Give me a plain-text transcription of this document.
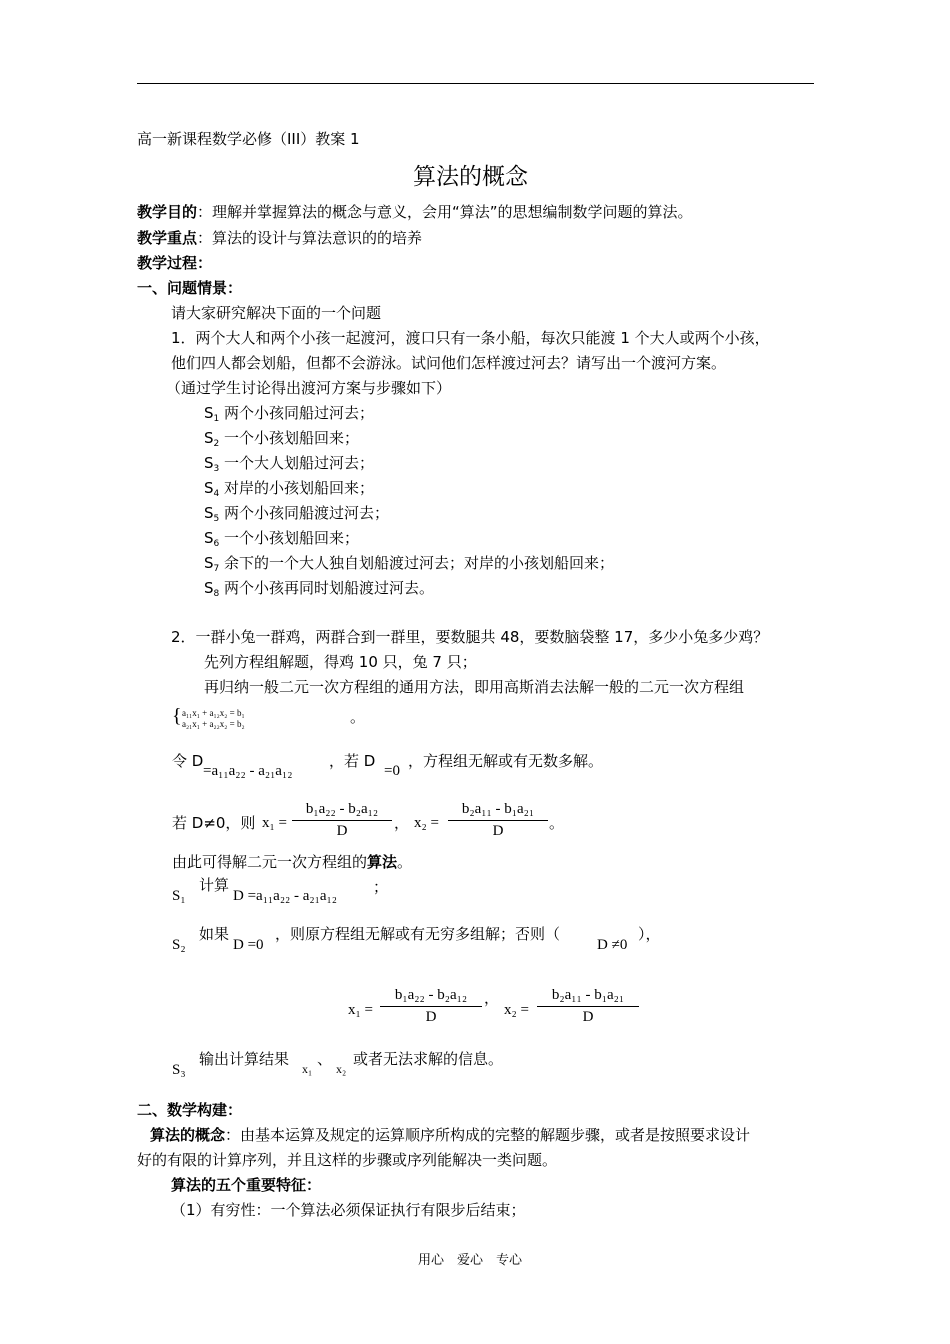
高一新课程数学必修（III）教案 1
算法的概念
教学目的：理解并掌握算法的概念与意义，会用“算法”的思想编制数学问题的算法。
教学重点：算法的设计与算法意识的的培养
教学过程：
一、问题情景：
请大家研究解决下面的一个问题
1．两个大人和两个小孩一起渡河，渡口只有一条小船，每次只能渡 1 个大人或两个小孩，
他们四人都会划船，但都不会游泳。试问他们怎样渡过河去？请写出一个渡河方案。
（通过学生讨论得出渡河方案与步骤如下）
$S_1$ 两个小孩同船过河去；
$S_2$ 一个小孩划船回来；
$S_3$ 一个大人划船过河去；
$S_4$ 对岸的小孩划船回来；
$S_5$ 两个小孩同船渡过河去；
$S_6$ 一个小孩划船回来；
$S_7$ 余下的一个大人独自划船渡过河去；对岸的小孩划船回来；
$S_8$ 两个小孩再同时划船渡过河去。
2．一群小兔一群鸡，两群合到一群里，要数腿共 48，要数脑袋整 17，多少小兔多少鸡？
先列方程组解题，得鸡 10 只，兔 7 只；
再归纳一般二元一次方程组的通用方法，即用高斯消去法解一般的二元一次方程组
{ a₁₁x₁ + a₁₂x₂ = b₁
a₂₁x₁ + a₂₂x₂ = b₂	。
令 D
=a₁₁a₂₂ - a₂₁a₁₂
，若 D
=0
，方程组无解或有无数多解。
若 D≠0，则 $x_1 = \frac{\text{b₁a₂₂ - b₂a₁₂}}{D}$ ， $x_2 = \frac{\text{b₂a₁₁ - b₁a₂₁}}{D}$ 。
由此可得解二元一次方程组的算法。
S₁
计算
D =a₁₁a₂₂ - a₂₁a₁₂ ；
S₂
如果
D =0
，则原方程组无解或有无穷多组解；否则（
D ≠0
），
$x_1 = \frac{\text{b₁a₂₂ - b₂a₁₂}}{D}$ ，
$x_2 = \frac{\text{b₂a₁₁ - b₁a₂₁}}{D}$
S₃
输出计算结果
x₁
、
x₂
或者无法求解的信息。
二、数学构建：
算法的概念：由基本运算及规定的运算顺序所构成的完整的解题步骤，或者是按照要求设计
好的有限的计算序列，并且这样的步骤或序列能解决一类问题。
算法的五个重要特征：
（1）有穷性：一个算法必须保证执行有限步后结束；
用心　爱心　专心
